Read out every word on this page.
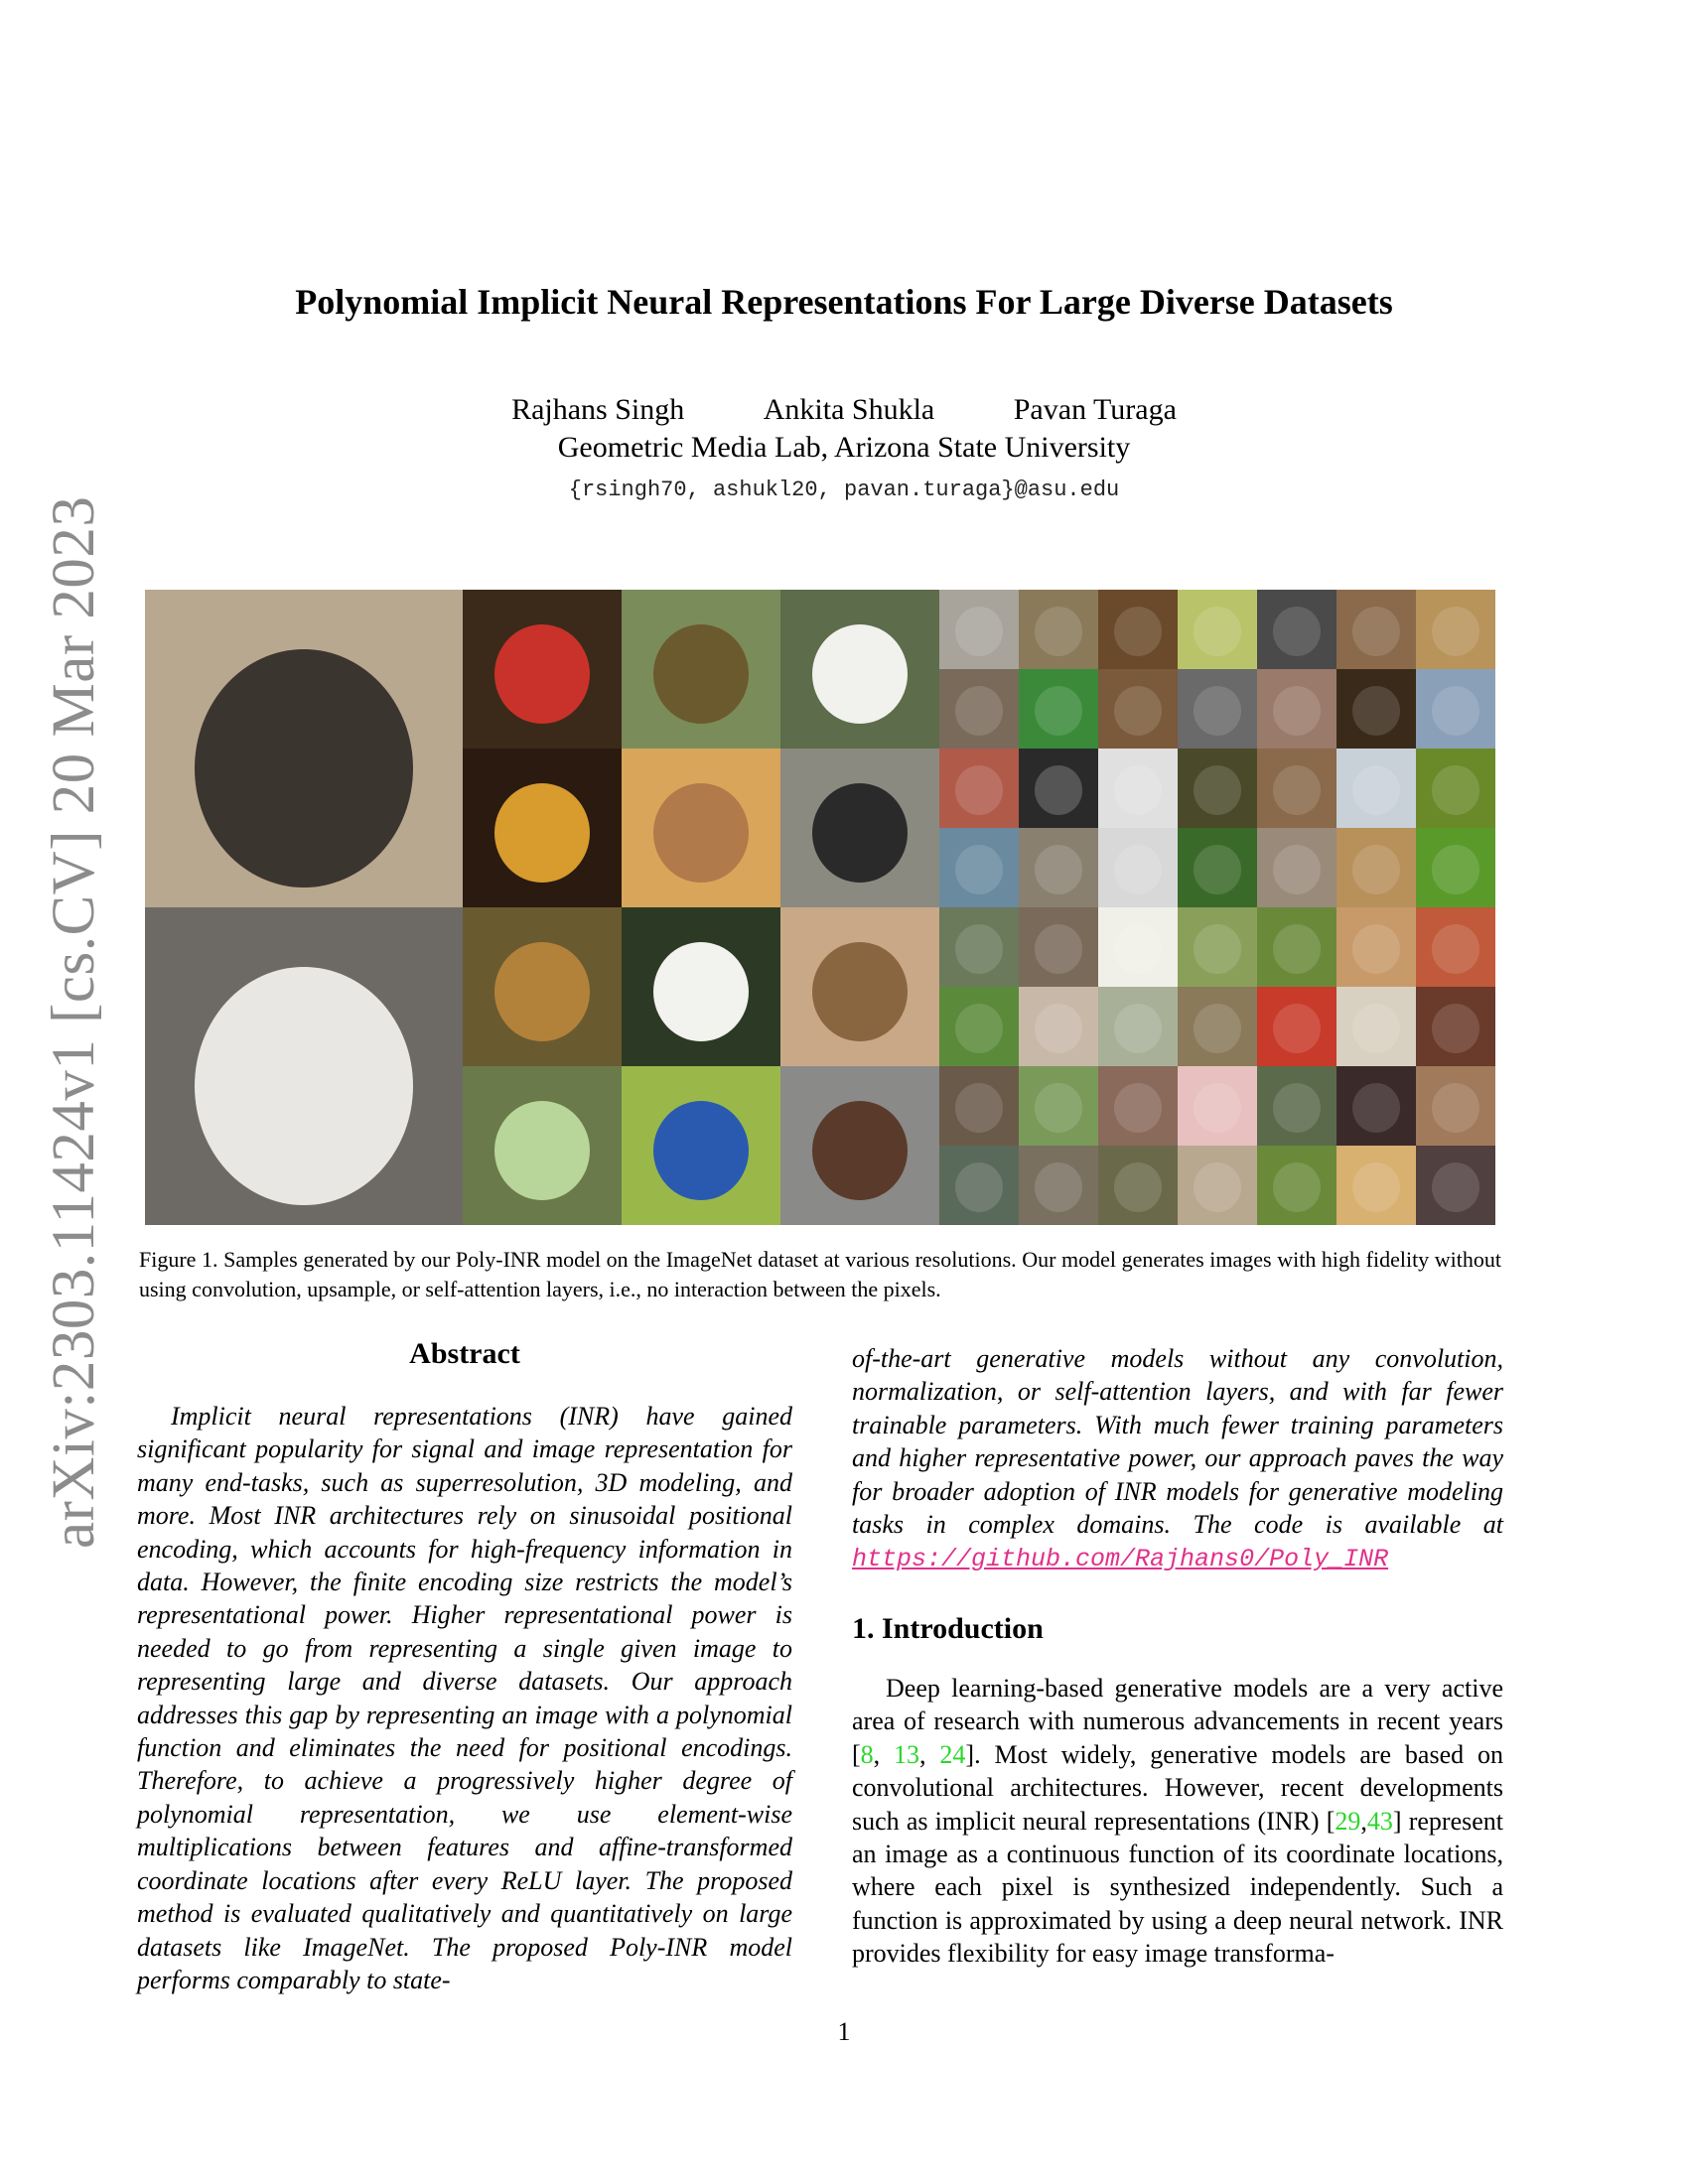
arXiv:2303.11424v1 [cs.CV] 20 Mar 2023
Polynomial Implicit Neural Representations For Large Diverse Datasets
Rajhans Singh	Ankita Shukla	Pavan Turaga
Geometric Media Lab, Arizona State University
{rsingh70, ashukl20, pavan.turaga}@asu.edu
Figure 1. Samples generated by our Poly-INR model on the ImageNet dataset at various resolutions. Our model generates images with high fidelity without using convolution, upsample, or self-attention layers, i.e., no interaction between the pixels.
Abstract

Implicit neural representations (INR) have gained significant popularity for signal and image representation for many end-tasks, such as superresolution, 3D modeling, and more. Most INR architectures rely on sinusoidal positional encoding, which accounts for high-frequency information in data. However, the finite encoding size restricts the model’s representational power. Higher representational power is needed to go from representing a single given image to representing large and diverse datasets. Our approach addresses this gap by representing an image with a polynomial function and eliminates the need for positional encodings. Therefore, to achieve a progressively higher degree of polynomial representation, we use element-wise multiplications between features and affine-transformed coordinate locations after every ReLU layer. The proposed method is evaluated qualitatively and quantitatively on large datasets like ImageNet. The proposed Poly-INR model performs comparably to state-

of-the-art generative models without any convolution, normalization, or self-attention layers, and with far fewer trainable parameters. With much fewer training parameters and higher representative power, our approach paves the way for broader adoption of INR models for generative modeling tasks in complex domains. The code is available at https://github.com/Rajhans0/Poly_INR

1. Introduction

Deep learning-based generative models are a very active area of research with numerous advancements in recent years [8, 13, 24]. Most widely, generative models are based on convolutional architectures. However, recent developments such as implicit neural representations (INR) [29,43] represent an image as a continuous function of its coordinate locations, where each pixel is synthesized independently. Such a function is approximated by using a deep neural network. INR provides flexibility for easy image transforma-

1
